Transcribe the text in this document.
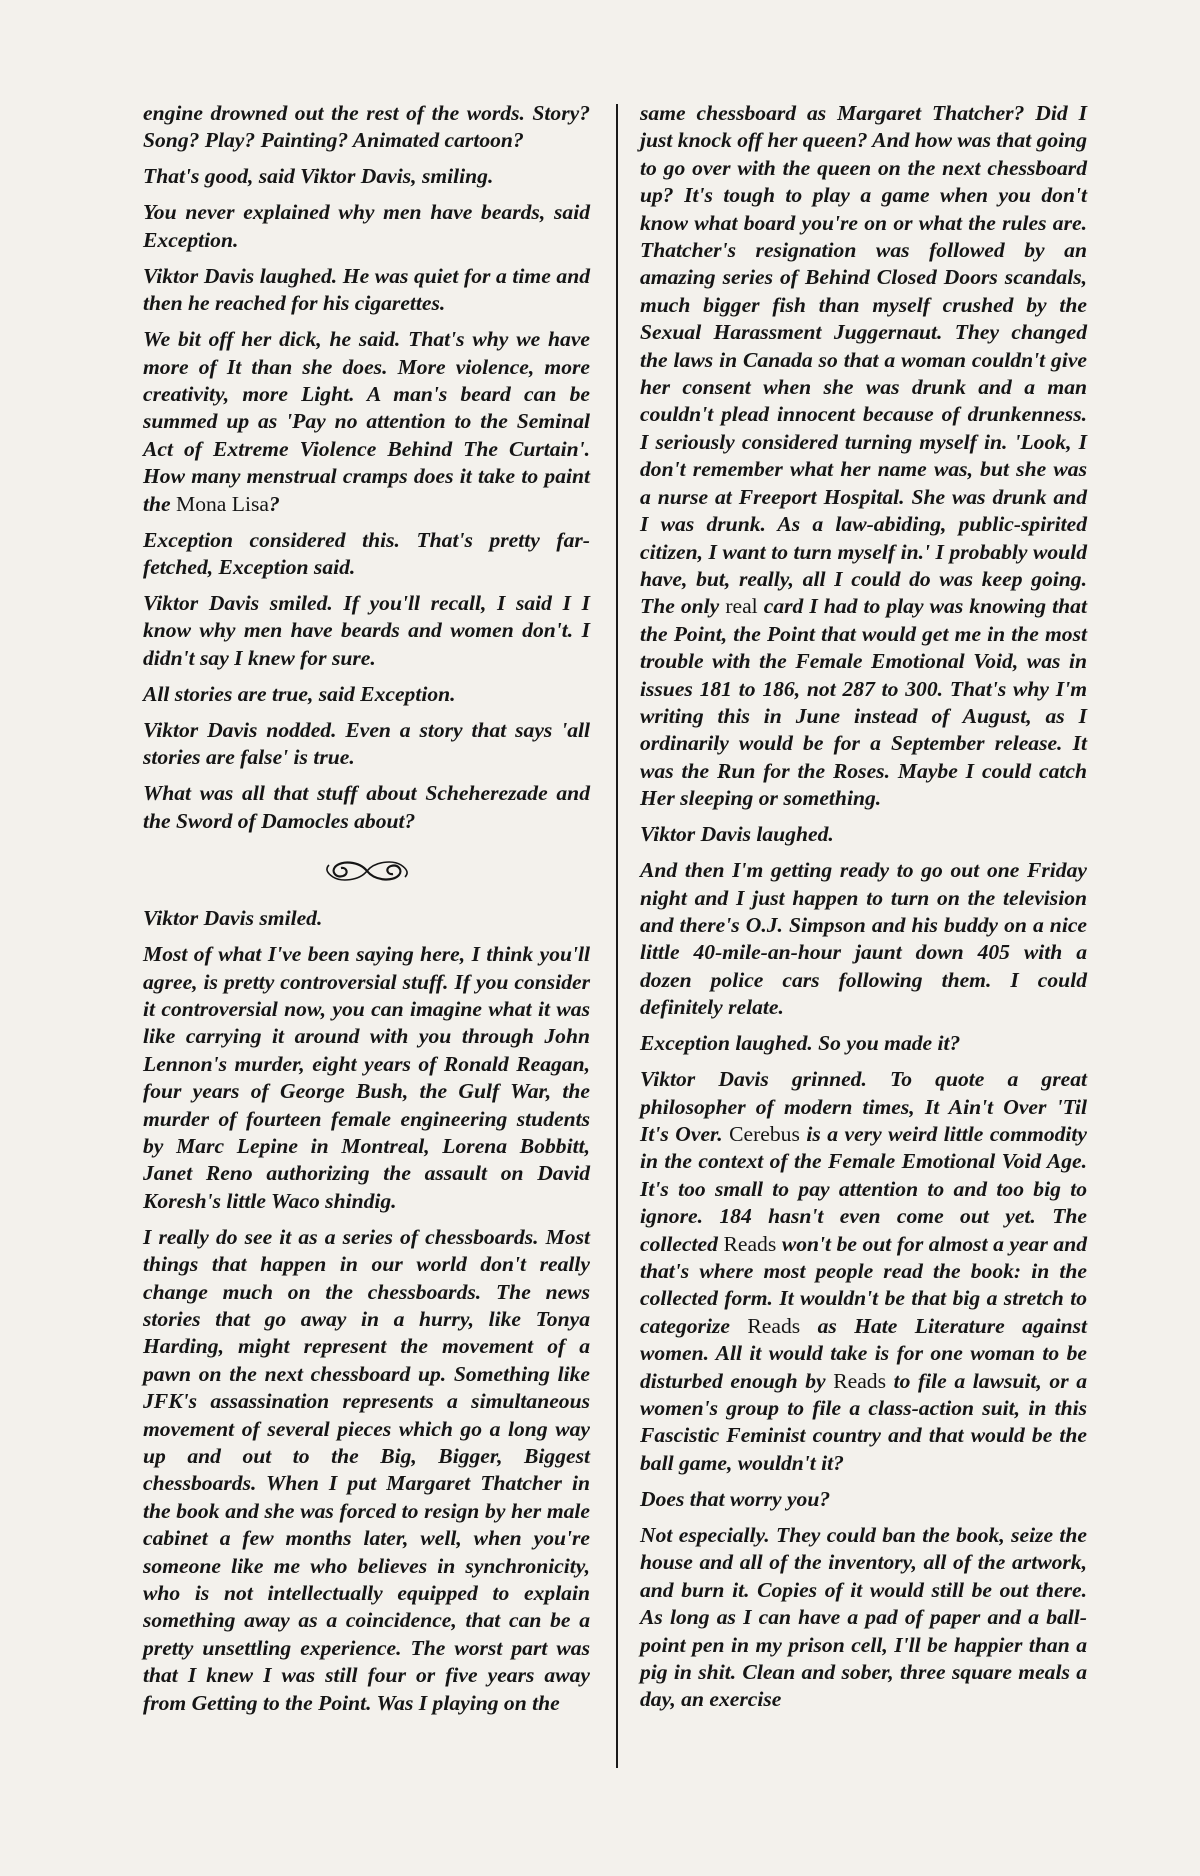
engine drowned out the rest of the words. Story? Song? Play? Painting? Animated cartoon?

That's good, said Viktor Davis, smiling.

You never explained why men have beards, said Exception.

Viktor Davis laughed. He was quiet for a time and then he reached for his cigarettes.

We bit off her dick, he said. That's why we have more of It than she does. More violence, more creativity, more Light. A man's beard can be summed up as 'Pay no attention to the Seminal Act of Extreme Violence Behind The Curtain'. How many menstrual cramps does it take to paint the Mona Lisa?

Exception considered this. That's pretty far-fetched, Exception said.

Viktor Davis smiled. If you'll recall, I said I I know why men have beards and women don't. I didn't say I knew for sure.

All stories are true, said Exception.

Viktor Davis nodded. Even a story that says 'all stories are false' is true.

What was all that stuff about Scheherezade and the Sword of Damocles about?

Viktor Davis smiled.

Most of what I've been saying here, I think you'll agree, is pretty controversial stuff. If you consider it controversial now, you can imagine what it was like carrying it around with you through John Lennon's murder, eight years of Ronald Reagan, four years of George Bush, the Gulf War, the murder of fourteen female engineering students by Marc Lepine in Montreal, Lorena Bobbitt, Janet Reno authorizing the assault on David Koresh's little Waco shindig.

I really do see it as a series of chessboards. Most things that happen in our world don't really change much on the chessboards. The news stories that go away in a hurry, like Tonya Harding, might represent the movement of a pawn on the next chessboard up. Something like JFK's assassination represents a simultaneous movement of several pieces which go a long way up and out to the Big, Bigger, Biggest chessboards. When I put Margaret Thatcher in the book and she was forced to resign by her male cabinet a few months later, well, when you're someone like me who believes in synchronicity, who is not intellectually equipped to explain something away as a coincidence, that can be a pretty unsettling experience. The worst part was that I knew I was still four or five years away from Getting to the Point. Was I playing on the

same chessboard as Margaret Thatcher? Did I just knock off her queen? And how was that going to go over with the queen on the next chessboard up? It's tough to play a game when you don't know what board you're on or what the rules are. Thatcher's resignation was followed by an amazing series of Behind Closed Doors scandals, much bigger fish than myself crushed by the Sexual Harassment Juggernaut. They changed the laws in Canada so that a woman couldn't give her consent when she was drunk and a man couldn't plead innocent because of drunkenness. I seriously considered turning myself in. 'Look, I don't remember what her name was, but she was a nurse at Freeport Hospital. She was drunk and I was drunk. As a law-abiding, public-spirited citizen, I want to turn myself in.' I probably would have, but, really, all I could do was keep going. The only real card I had to play was knowing that the Point, the Point that would get me in the most trouble with the Female Emotional Void, was in issues 181 to 186, not 287 to 300. That's why I'm writing this in June instead of August, as I ordinarily would be for a September release. It was the Run for the Roses. Maybe I could catch Her sleeping or something.

Viktor Davis laughed.

And then I'm getting ready to go out one Friday night and I just happen to turn on the television and there's O.J. Simpson and his buddy on a nice little 40-mile-an-hour jaunt down 405 with a dozen police cars following them. I could definitely relate.

Exception laughed. So you made it?

Viktor Davis grinned. To quote a great philosopher of modern times, It Ain't Over 'Til It's Over. Cerebus is a very weird little commodity in the context of the Female Emotional Void Age. It's too small to pay attention to and too big to ignore. 184 hasn't even come out yet. The collected Reads won't be out for almost a year and that's where most people read the book: in the collected form. It wouldn't be that big a stretch to categorize Reads as Hate Literature against women. All it would take is for one woman to be disturbed enough by Reads to file a lawsuit, or a women's group to file a class-action suit, in this Fascistic Feminist country and that would be the ball game, wouldn't it?

Does that worry you?

Not especially. They could ban the book, seize the house and all of the inventory, all of the artwork, and burn it. Copies of it would still be out there. As long as I can have a pad of paper and a ball-point pen in my prison cell, I'll be happier than a pig in shit. Clean and sober, three square meals a day, an exercise
